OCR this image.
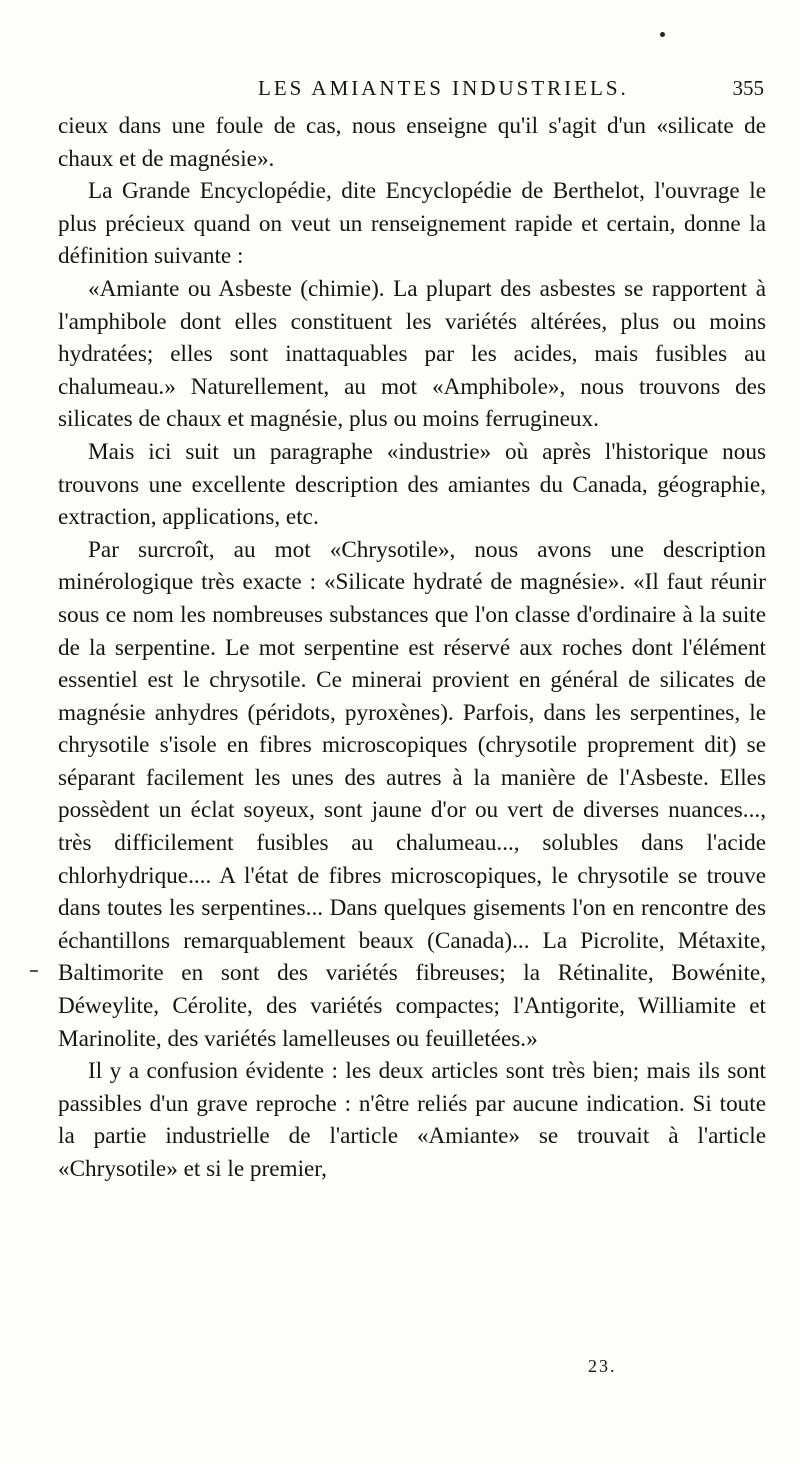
LES AMIANTES INDUSTRIELS.	355

cieux dans une foule de cas, nous enseigne qu'il s'agit d'un «silicate de chaux et de magnésie».

La Grande Encyclopédie, dite Encyclopédie de Berthelot, l'ouvrage le plus précieux quand on veut un renseignement rapide et certain, donne la définition suivante :

«Amiante ou Asbeste (chimie). La plupart des asbestes se rapportent à l'amphibole dont elles constituent les variétés altérées, plus ou moins hydratées; elles sont inattaquables par les acides, mais fusibles au chalumeau.» Naturellement, au mot «Amphibole», nous trouvons des silicates de chaux et magnésie, plus ou moins ferrugineux.

Mais ici suit un paragraphe «industrie» où après l'historique nous trouvons une excellente description des amiantes du Canada, géographie, extraction, applications, etc.

Par surcroît, au mot «Chrysotile», nous avons une description minérologique très exacte : «Silicate hydraté de magnésie». «Il faut réunir sous ce nom les nombreuses substances que l'on classe d'ordinaire à la suite de la serpentine. Le mot serpentine est réservé aux roches dont l'élément essentiel est le chrysotile. Ce minerai provient en général de silicates de magnésie anhydres (péridots, pyroxènes). Parfois, dans les serpentines, le chrysotile s'isole en fibres microscopiques (chrysotile proprement dit) se séparant facilement les unes des autres à la manière de l'Asbeste. Elles possèdent un éclat soyeux, sont jaune d'or ou vert de diverses nuances..., très difficilement fusibles au chalumeau..., solubles dans l'acide chlorhydrique.... A l'état de fibres microscopiques, le chrysotile se trouve dans toutes les serpentines... Dans quelques gisements l'on en rencontre des échantillons remarquablement beaux (Canada)... La Picrolite, Métaxite, Baltimorite en sont des variétés fibreuses; la Rétinalite, Bowénite, Déweylite, Cérolite, des variétés compactes; l'Antigorite, Williamite et Marinolite, des variétés lamelleuses ou feuilletées.»

Il y a confusion évidente : les deux articles sont très bien; mais ils sont passibles d'un grave reproche : n'être reliés par aucune indication. Si toute la partie industrielle de l'article «Amiante» se trouvait à l'article «Chrysotile» et si le premier,

23.
